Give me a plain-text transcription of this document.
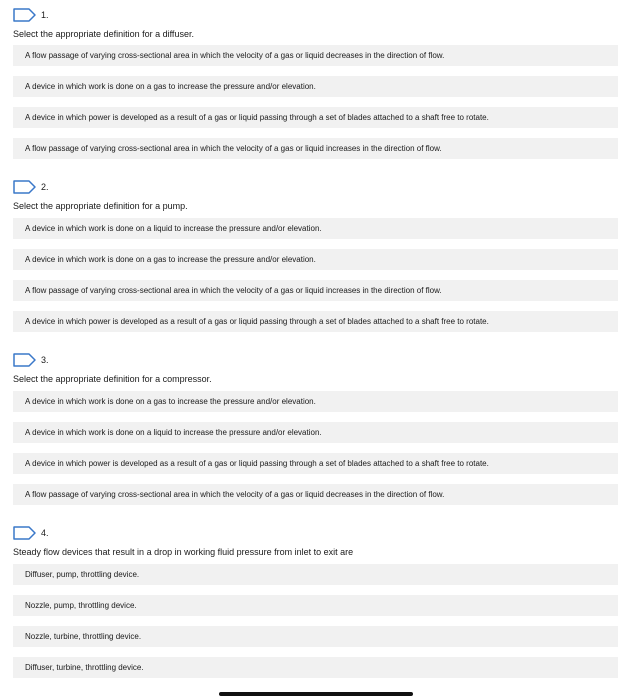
1.
Select the appropriate definition for a diffuser.
A flow passage of varying cross-sectional area in which the velocity of a gas or liquid decreases in the direction of flow.
A device in which work is done on a gas to increase the pressure and/or elevation.
A device in which power is developed as a result of a gas or liquid passing through a set of blades attached to a shaft free to rotate.
A flow passage of varying cross-sectional area in which the velocity of a gas or liquid increases in the direction of flow.
2.
Select the appropriate definition for a pump.
A device in which work is done on a liquid to increase the pressure and/or elevation.
A device in which work is done on a gas to increase the pressure and/or elevation.
A flow passage of varying cross-sectional area in which the velocity of a gas or liquid increases in the direction of flow.
A device in which power is developed as a result of a gas or liquid passing through a set of blades attached to a shaft free to rotate.
3.
Select the appropriate definition for a compressor.
A device in which work is done on a gas to increase the pressure and/or elevation.
A device in which work is done on a liquid to increase the pressure and/or elevation.
A device in which power is developed as a result of a gas or liquid passing through a set of blades attached to a shaft free to rotate.
A flow passage of varying cross-sectional area in which the velocity of a gas or liquid decreases in the direction of flow.
4.
Steady flow devices that result in a drop in working fluid pressure from inlet to exit are
Diffuser, pump, throttling device.
Nozzle, pump, throttling device.
Nozzle, turbine, throttling device.
Diffuser, turbine, throttling device.
